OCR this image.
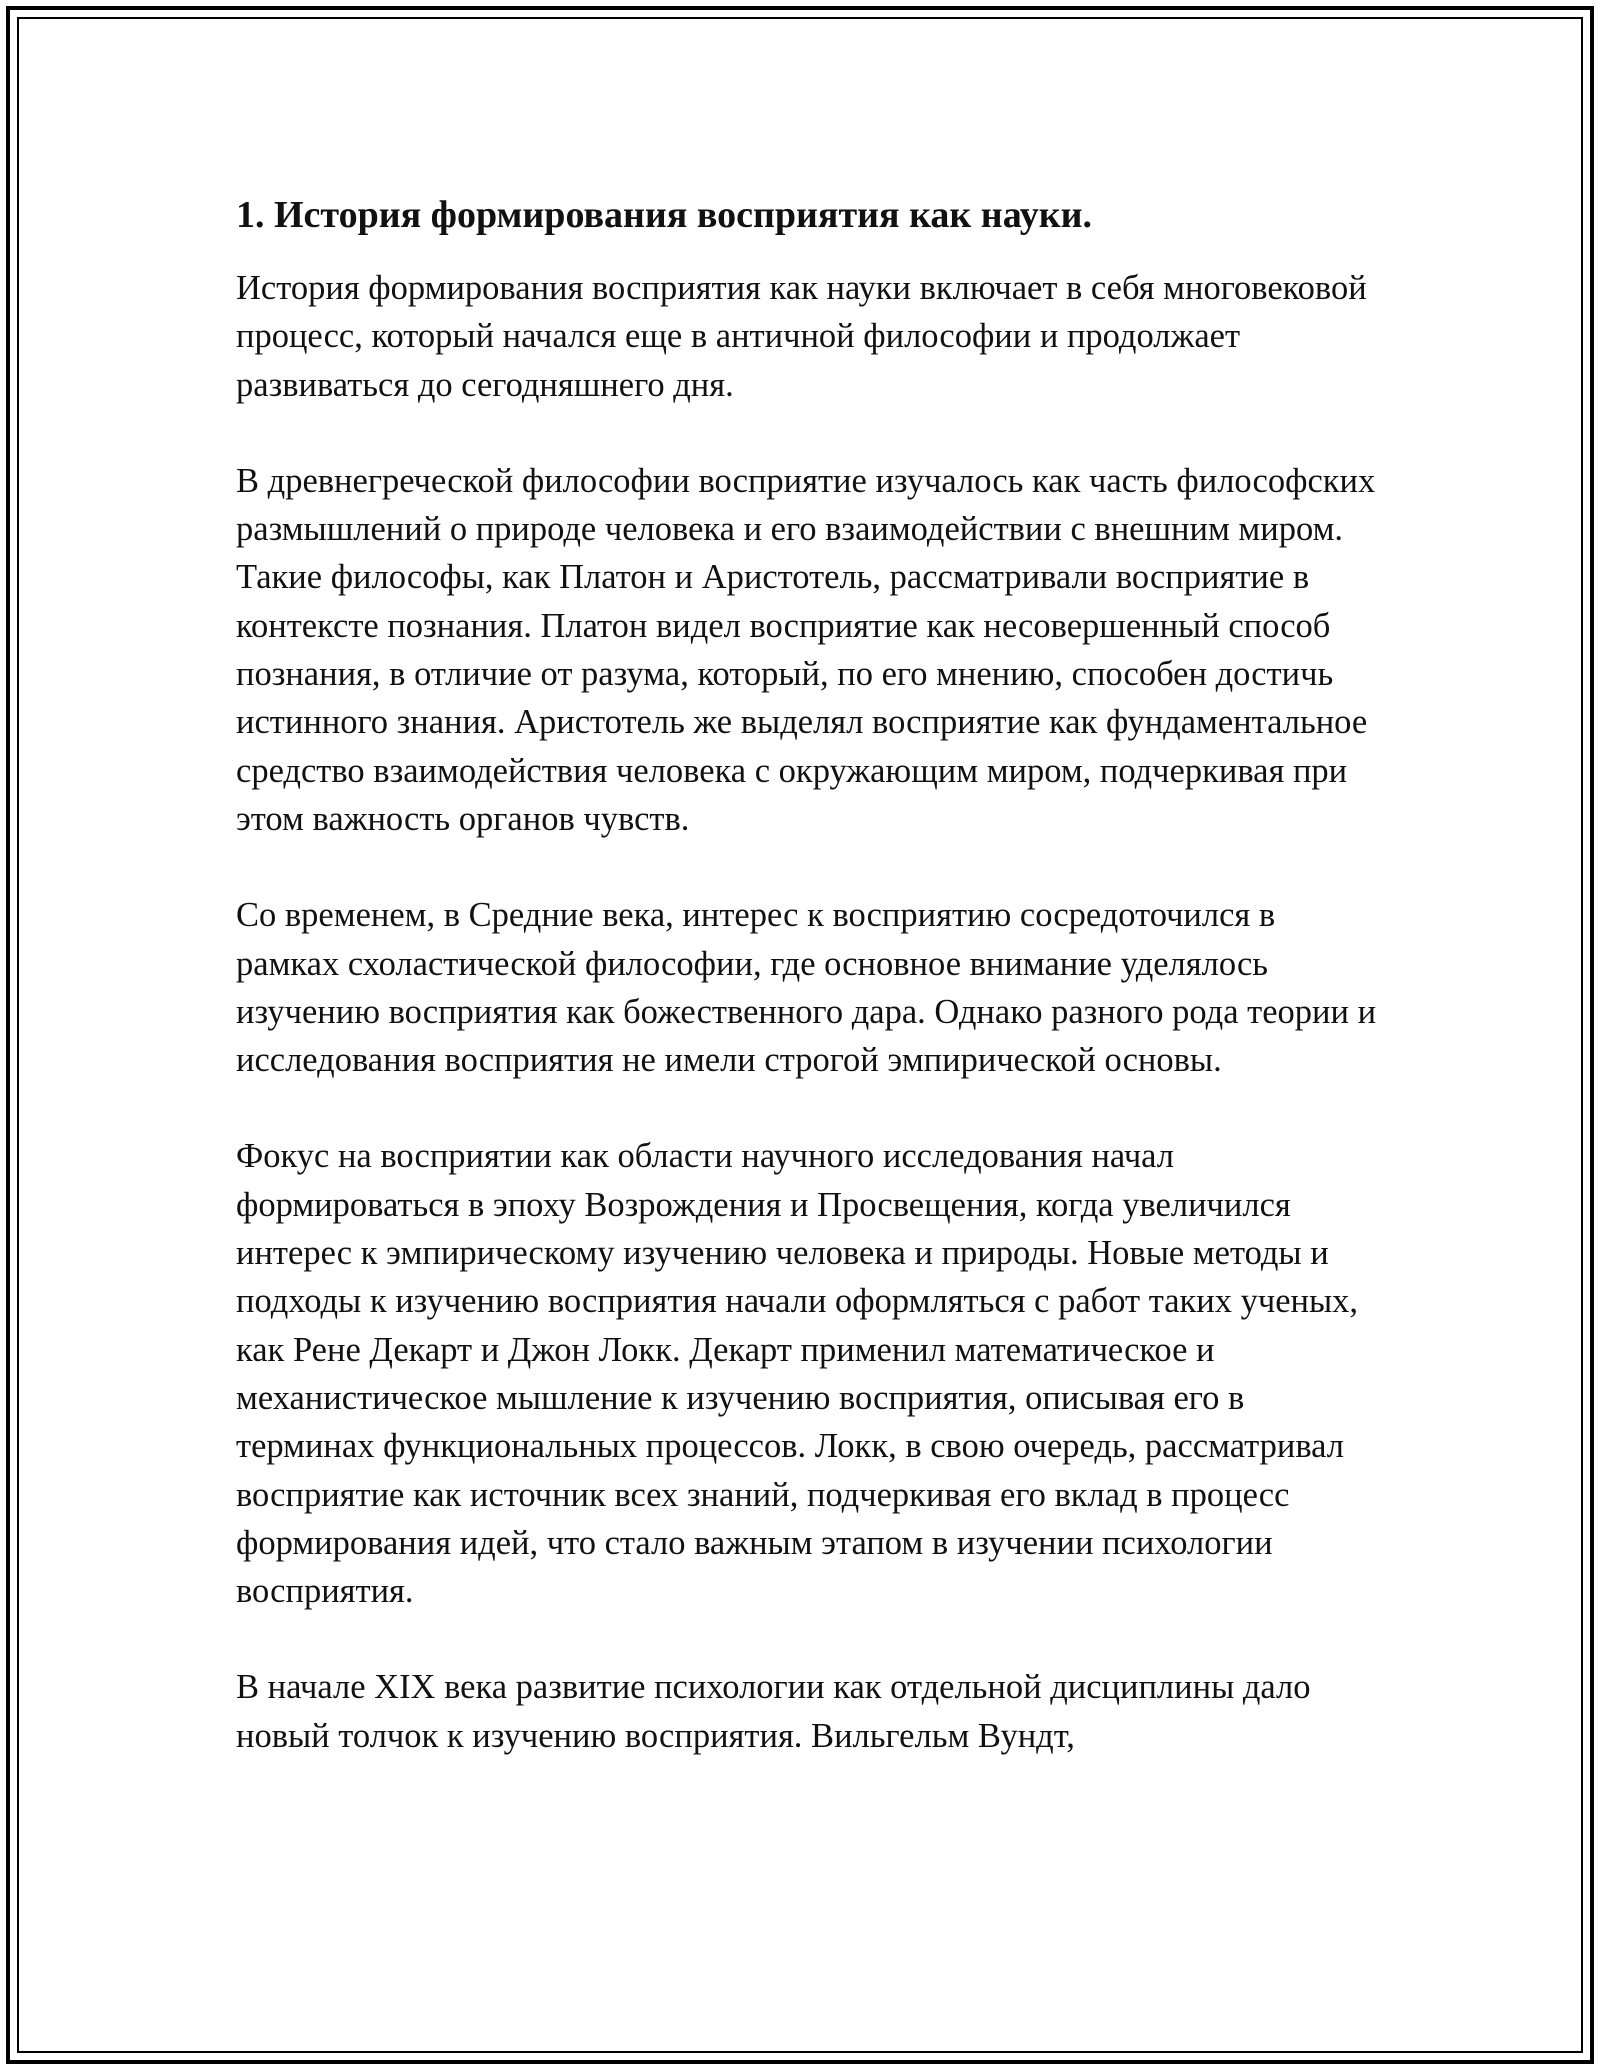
1. История формирования восприятия как науки.

История формирования восприятия как науки включает в себя многовековой процесс, который начался еще в античной философии и продолжает развиваться до сегодняшнего дня.

В древнегреческой философии восприятие изучалось как часть философских размышлений о природе человека и его взаимодействии с внешним миром. Такие философы, как Платон и Аристотель, рассматривали восприятие в контексте познания. Платон видел восприятие как несовершенный способ познания, в отличие от разума, который, по его мнению, способен достичь истинного знания. Аристотель же выделял восприятие как фундаментальное средство взаимодействия человека с окружающим миром, подчеркивая при этом важность органов чувств.

Со временем, в Средние века, интерес к восприятию сосредоточился в рамках схоластической философии, где основное внимание уделялось изучению восприятия как божественного дара. Однако разного рода теории и исследования восприятия не имели строгой эмпирической основы.

Фокус на восприятии как области научного исследования начал формироваться в эпоху Возрождения и Просвещения, когда увеличился интерес к эмпирическому изучению человека и природы. Новые методы и подходы к изучению восприятия начали оформляться с работ таких ученых, как Рене Декарт и Джон Локк. Декарт применил математическое и механистическое мышление к изучению восприятия, описывая его в терминах функциональных процессов. Локк, в свою очередь, рассматривал восприятие как источник всех знаний, подчеркивая его вклад в процесс формирования идей, что стало важным этапом в изучении психологии восприятия.

В начале XIX века развитие психологии как отдельной дисциплины дало новый толчок к изучению восприятия. Вильгельм Вундт,
